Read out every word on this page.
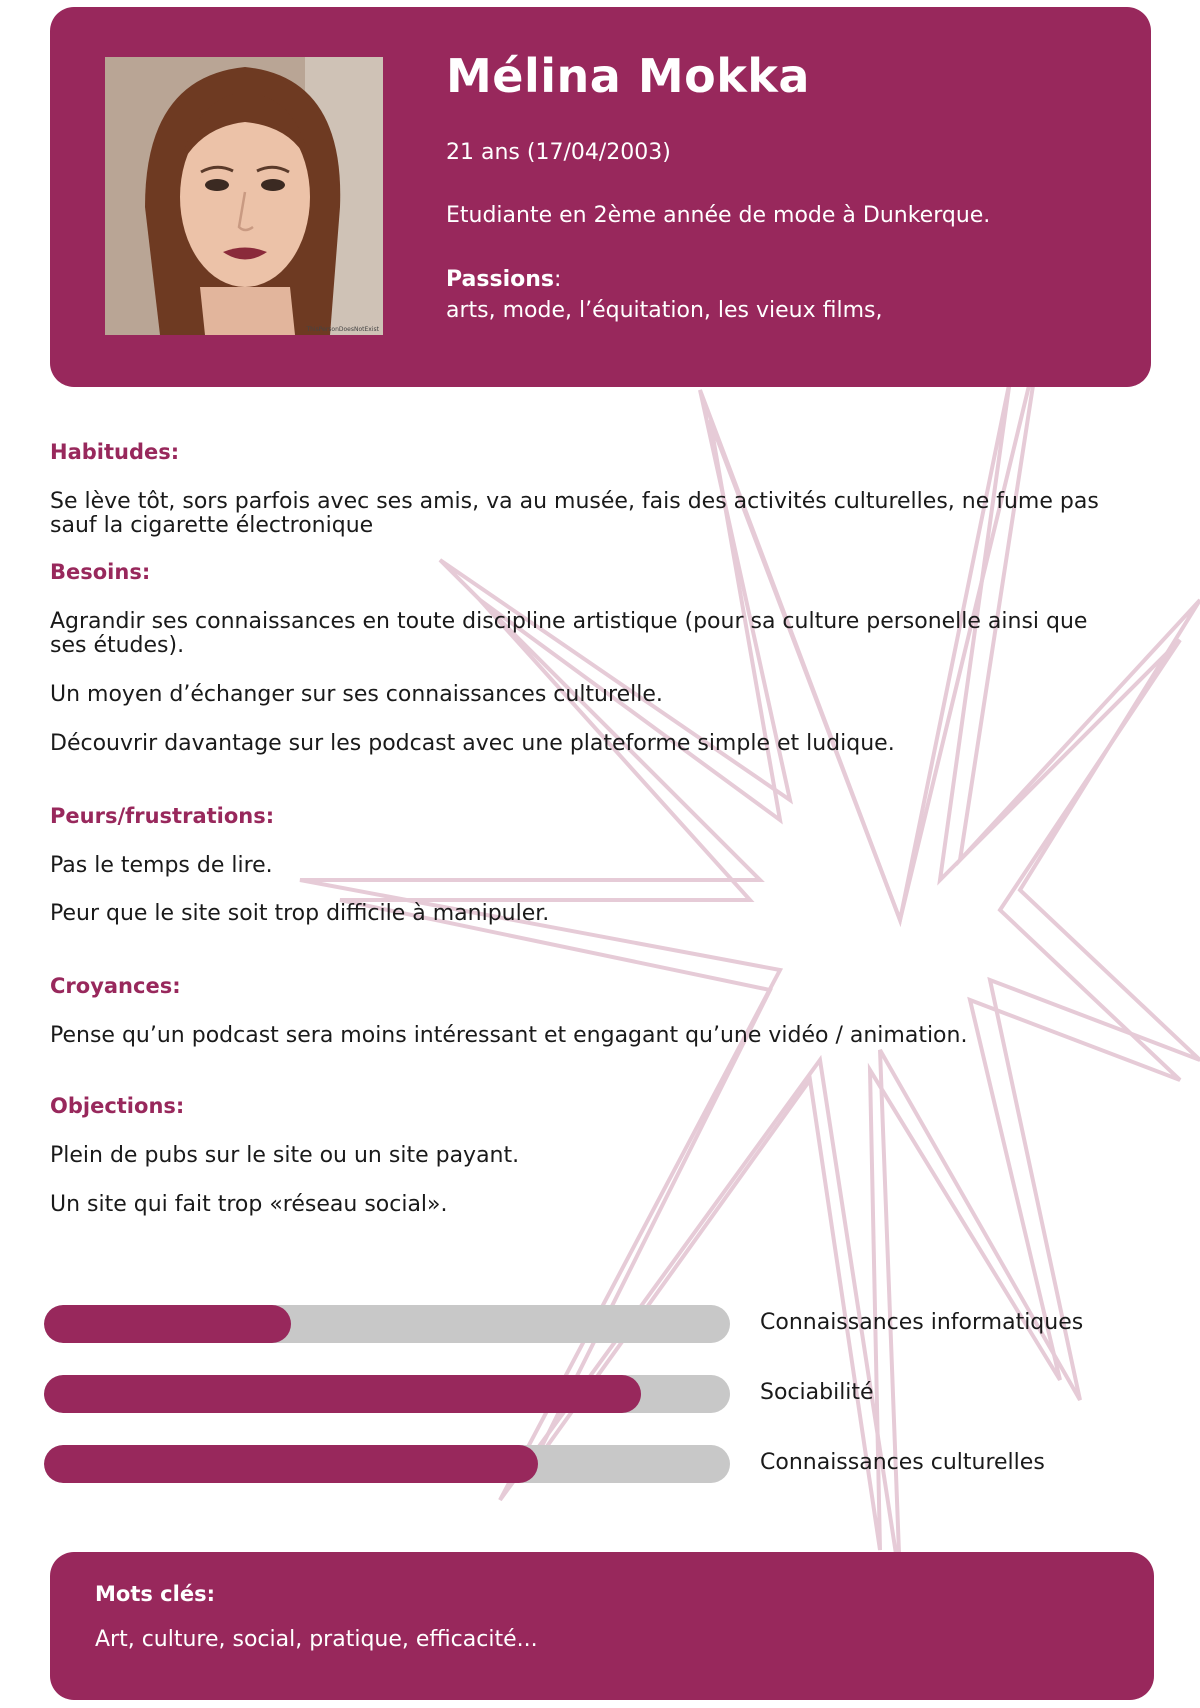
ThisPersonDoesNotExist
Mélina Mokka

21 ans (17/04/2003)

Etudiante en 2ème année de mode à Dunkerque.

Passions:

arts, mode, l’équitation, les vieux films,

Habitudes:

Se lève tôt, sors parfois avec ses amis, va au musée, fais des activités culturelles, ne fume pas sauf la cigarette électronique

Besoins:

Agrandir ses connaissances en toute discipline artistique (pour sa culture personelle ainsi que ses études).

Un moyen d’échanger sur ses connaissances culturelle.

Découvrir davantage sur les podcast avec une plateforme simple et ludique.

Peurs/frustrations:

Pas le temps de lire.

Peur que le site soit trop difficile à manipuler.

Croyances:

Pense qu’un podcast sera moins intéressant et engagant qu’une vidéo / animation.

Objections:

Plein de pubs sur le site ou un site payant.

Un site qui fait trop «réseau social».

Connaissances informatiques
Sociabilité
Connaissances culturelles
Mots clés:

Art, culture, social, pratique, efficacité...
